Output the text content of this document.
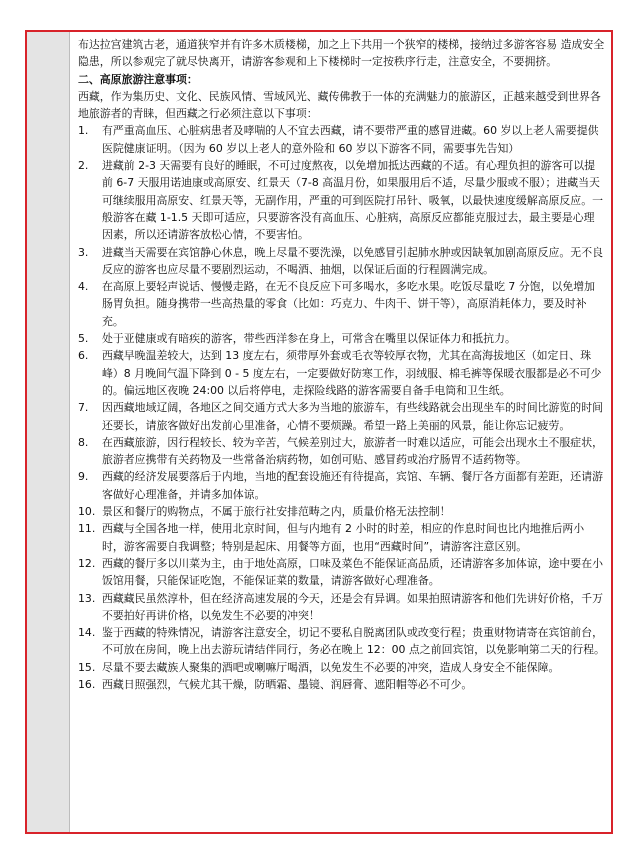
布达拉宫建筑古老，通道狭窄并有许多木质楼梯，加之上下共用一个狭窄的楼梯，接纳过多游客容易 造成安全隐患，所以参观完了就尽快离开，请游客参观和上下楼梯时一定按秩序行走，注意安全，不要拥挤。

二、高原旅游注意事项：

西藏，作为集历史、文化、民族风情、雪域风光、藏传佛教于一体的充满魅力的旅游区，正越来越受到世界各地旅游者的青睐，但西藏之行必须注意以下事项：

1.	有严重高血压、心脏病患者及哮喘的人不宜去西藏，请不要带严重的感冒进藏。60 岁以上老人需要提供医院健康证明。（因为 60 岁以上老人的意外险和 60 岁以下游客不同，需要事先告知）
2.	进藏前 2-3 天需要有良好的睡眠，不可过度熬夜，以免增加抵达西藏的不适。有心理负担的游客可以提前 6-7 天服用诺迪康或高原安、红景天（7-8 高温月份，如果服用后不适，尽量少服或不服）；进藏当天可继续服用高原安、红景天等，无副作用，严重的可到医院打吊针、吸氧，以最快速度缓解高原反应。一般游客在藏 1-1.5 天即可适应，只要游客没有高血压、心脏病，高原反应都能克服过去，最主要是心理因素，所以还请游客放松心情，不要害怕。
3.	进藏当天需要在宾馆静心休息，晚上尽量不要洗澡，以免感冒引起肺水肿或因缺氧加剧高原反应。无不良反应的游客也应尽量不要剧烈运动，不喝酒、抽烟，以保证后面的行程圆满完成。
4.	在高原上要轻声说话、慢慢走路，在无不良反应下可多喝水，多吃水果。吃饭尽量吃 7 分饱，以免增加肠胃负担。随身携带一些高热量的零食（比如：巧克力、牛肉干、饼干等），高原消耗体力，要及时补充。
5.	处于亚健康或有暗疾的游客，带些西洋参在身上，可常含在嘴里以保证体力和抵抗力。
6.	西藏早晚温差较大，达到 13 度左右，须带厚外套或毛衣等较厚衣物，尤其在高海拔地区（如定日、珠峰）8 月晚间气温下降到 0 - 5 度左右，一定要做好防寒工作，羽绒服、棉毛裤等保暖衣服都是必不可少的。偏远地区夜晚 24:00 以后将停电，走探险线路的游客需要自备手电筒和卫生纸。
7.	因西藏地域辽阔，各地区之间交通方式大多为当地的旅游车，有些线路就会出现坐车的时间比游览的时间还要长，请旅客做好出发前心里准备，心情不要烦躁。希望一路上美丽的风景，能让你忘记疲劳。
8.	在西藏旅游，因行程较长、较为辛苦，气候差别过大，旅游者一时难以适应，可能会出现水土不服症状，旅游者应携带有关药物及一些常备治病药物，如创可贴、感冒药或治疗肠胃不适药物等。
9.	西藏的经济发展要落后于内地，当地的配套设施还有待提高，宾馆、车辆、餐厅各方面都有差距，还请游客做好心理准备，并请多加体谅。
10. 景区和餐厅的购物点，不属于旅行社安排范畴之内，质量价格无法控制！
11. 西藏与全国各地一样，使用北京时间，但与内地有 2 小时的时差，相应的作息时间也比内地推后两小时，游客需要自我调整；特别是起床、用餐等方面，也用“西藏时间”，请游客注意区别。
12. 西藏的餐厅多以川菜为主，由于地处高原，口味及菜色不能保证高品质，还请游客多加体谅，途中要在小饭馆用餐，只能保证吃饱，不能保证菜的数量，请游客做好心理准备。
13. 西藏藏民虽然淳朴，但在经济高速发展的今天，还是会有异调。如果拍照请游客和他们先讲好价格，千万不要拍好再讲价格，以免发生不必要的冲突！
14. 鉴于西藏的特殊情况，请游客注意安全，切记不要私自脱离团队或改变行程；贵重财物请寄在宾馆前台，不可放在房间，晚上出去游玩请结伴同行，务必在晚上 12：00 点之前回宾馆，以免影响第二天的行程。
15. 尽量不要去藏族人聚集的酒吧或喇嘛厅喝酒，以免发生不必要的冲突，造成人身安全不能保障。
16. 西藏日照强烈，气候尤其干燥，防晒霜、墨镜、润唇膏、遮阳帽等必不可少。
